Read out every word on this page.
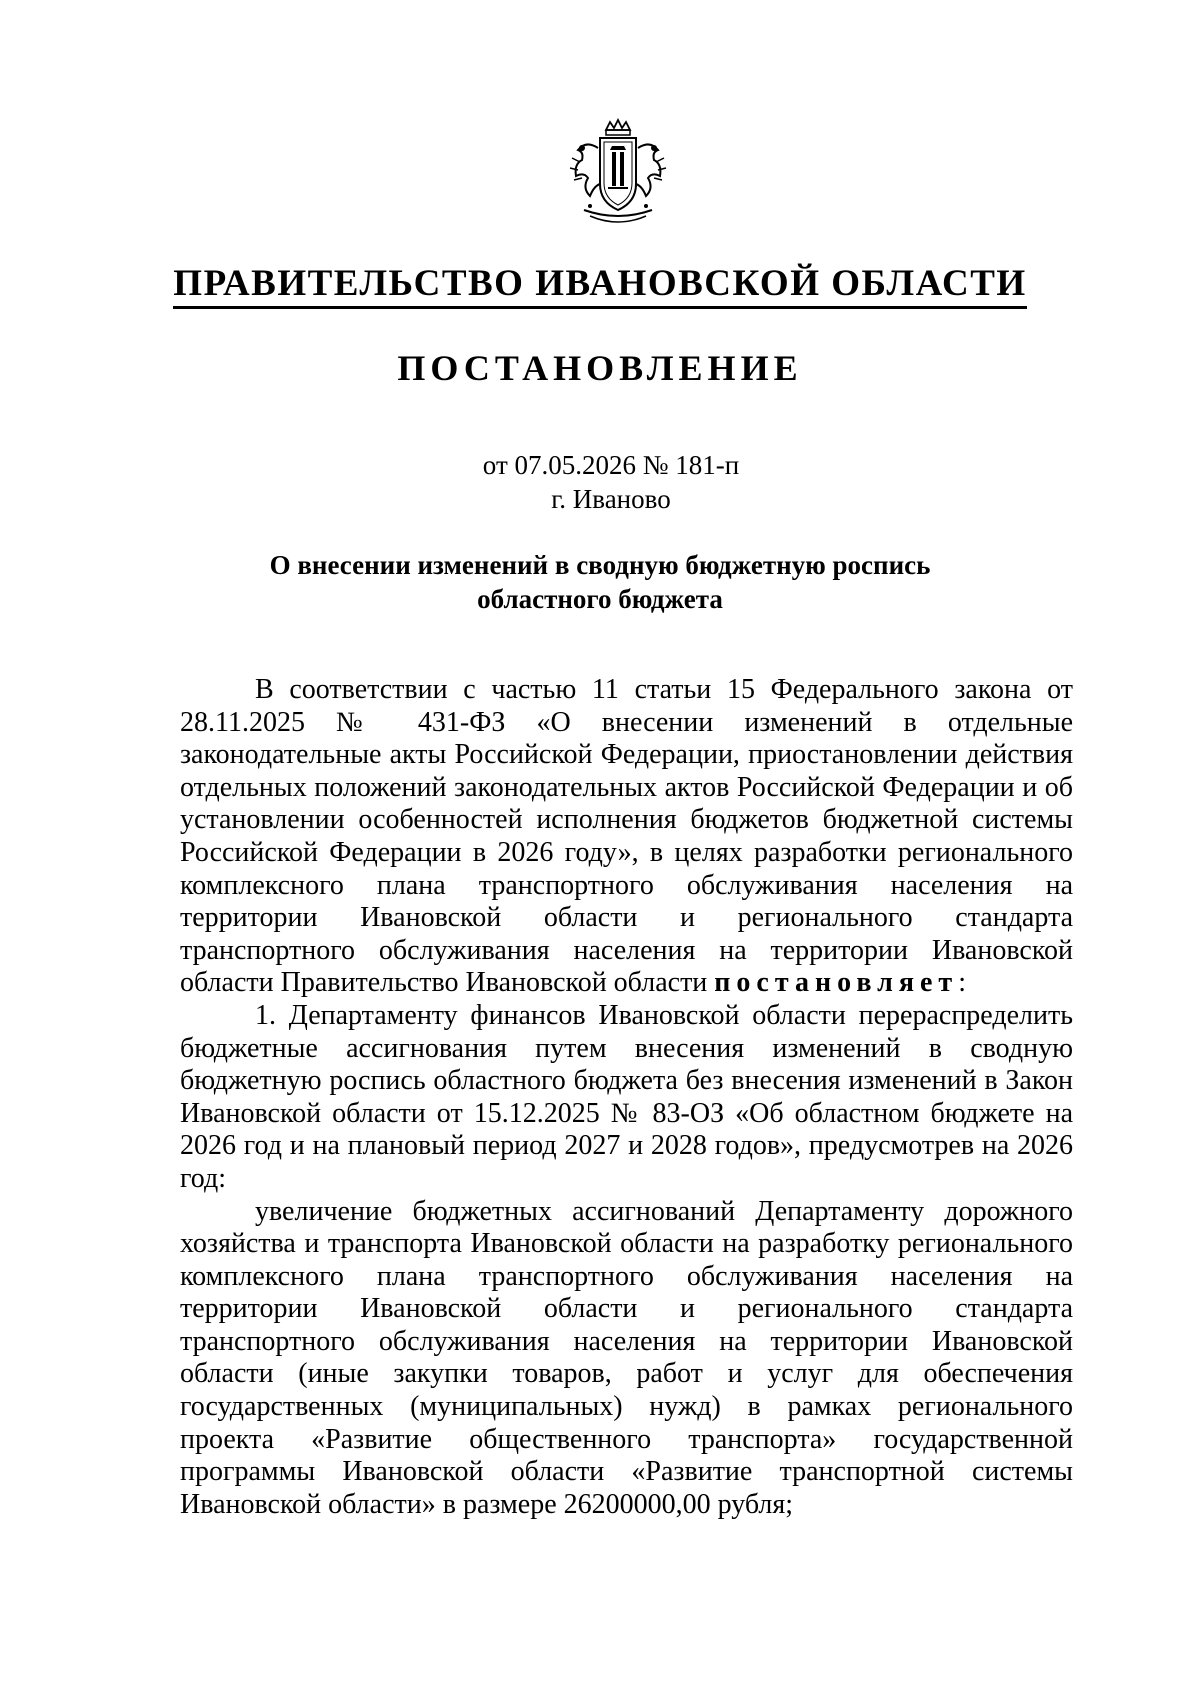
ПРАВИТЕЛЬСТВО ИВАНОВСКОЙ ОБЛАСТИ
ПОСТАНОВЛЕНИЕ
от 07.05.2026 № 181-п
г. Иваново
О внесении изменений в сводную бюджетную роспись
областного бюджета

В соответствии с частью 11 статьи 15 Федерального закона от 28.11.2025 № 431-ФЗ «О внесении изменений в отдельные законодательные акты Российской Федерации, приостановлении действия отдельных положений законодательных актов Российской Федерации и об установлении особенностей исполнения бюджетов бюджетной системы Российской Федерации в 2026 году», в целях разработки регионального комплексного плана транспортного обслуживания населения на территории Ивановской области и регионального стандарта транспортного обслуживания населения на территории Ивановской области Правительство Ивановской области постановляет:

1. Департаменту финансов Ивановской области перераспределить бюджетные ассигнования путем внесения изменений в сводную бюджетную роспись областного бюджета без внесения изменений в Закон Ивановской области от 15.12.2025 № 83-ОЗ «Об областном бюджете на 2026 год и на плановый период 2027 и 2028 годов», предусмотрев на 2026 год:

увеличение бюджетных ассигнований Департаменту дорожного хозяйства и транспорта Ивановской области на разработку регионального комплексного плана транспортного обслуживания населения на территории Ивановской области и регионального стандарта транспортного обслуживания населения на территории Ивановской области (иные закупки товаров, работ и услуг для обеспечения государственных (муниципальных) нужд) в рамках регионального проекта «Развитие общественного транспорта» государственной программы Ивановской области «Развитие транспортной системы Ивановской области» в размере 26200000,00 рубля;
